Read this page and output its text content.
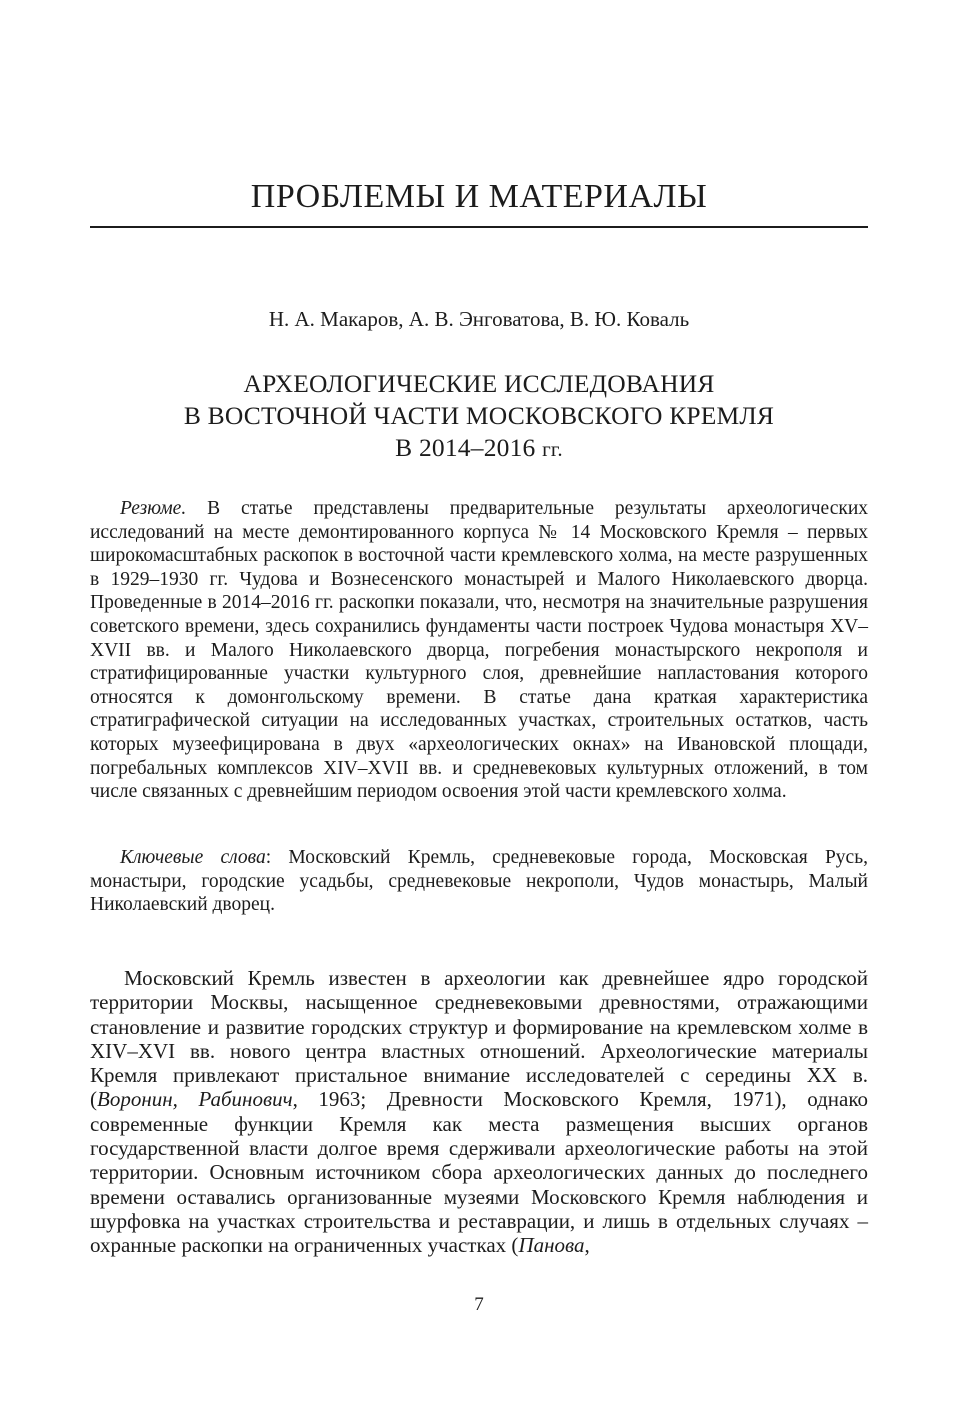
ПРОБЛЕМЫ И МАТЕРИАЛЫ

Н. А. Макаров, А. В. Энговатова, В. Ю. Коваль

АРХЕОЛОГИЧЕСКИЕ ИССЛЕДОВАНИЯ
В ВОСТОЧНОЙ ЧАСТИ МОСКОВСКОГО КРЕМЛЯ
В 2014–2016 гг.

Резюме. В статье представлены предварительные результаты археологических исследований на месте демонтированного корпуса № 14 Московского Кремля – первых широкомасштабных раскопок в восточной части кремлевского холма, на месте разрушенных в 1929–1930 гг. Чудова и Вознесенского монастырей и Малого Николаевского дворца. Проведенные в 2014–2016 гг. раскопки показали, что, несмотря на значительные разрушения советского времени, здесь сохранились фундаменты части построек Чудова монастыря XV–XVII вв. и Малого Николаевского дворца, погребения монастырского некрополя и стратифицированные участки культурного слоя, древнейшие напластования которого относятся к домонгольскому времени. В статье дана краткая характеристика стратиграфической ситуации на исследованных участках, строительных остатков, часть которых музеефицирована в двух «археологических окнах» на Ивановской площади, погребальных комплексов XIV–XVII вв. и средневековых культурных отложений, в том числе связанных с древнейшим периодом освоения этой части кремлевского холма.

Ключевые слова: Московский Кремль, средневековые города, Московская Русь, монастыри, городские усадьбы, средневековые некрополи, Чудов монастырь, Малый Николаевский дворец.

Московский Кремль известен в археологии как древнейшее ядро городской территории Москвы, насыщенное средневековыми древностями, отражающими становление и развитие городских структур и формирование на кремлевском холме в XIV–XVI вв. нового центра властных отношений. Археологические материалы Кремля привлекают пристальное внимание исследователей с середины XX в. (Воронин, Рабинович, 1963; Древности Московского Кремля, 1971), однако современные функции Кремля как места размещения высших органов государственной власти долгое время сдерживали археологические работы на этой территории. Основным источником сбора археологических данных до последнего времени оставались организованные музеями Московского Кремля наблюдения и шурфовка на участках строительства и реставрации, и лишь в отдельных случаях – охранные раскопки на ограниченных участках (Панова,

7
